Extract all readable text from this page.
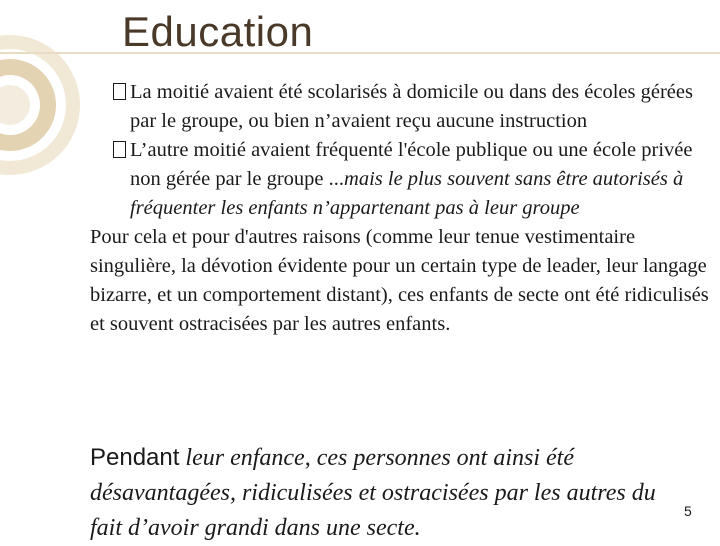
Education

La moitié avaient été scolarisés à domicile ou dans des écoles gérées par le groupe, ou bien n’avaient reçu aucune instruction

L’autre moitié avaient fréquenté l'école publique ou une école privée non gérée par le groupe ...mais le plus souvent sans être autorisés à fréquenter les enfants n’appartenant pas à leur groupe

Pour cela et pour d'autres raisons (comme leur tenue vestimentaire singulière, la dévotion évidente pour un certain type de leader, leur langage bizarre, et un comportement distant), ces enfants de secte ont été ridiculisés et souvent ostracisées par les autres enfants.

Pendant leur enfance, ces personnes ont ainsi été désavantagées, ridiculisées et ostracisées par les autres du fait d’avoir grandi dans une secte.
5
